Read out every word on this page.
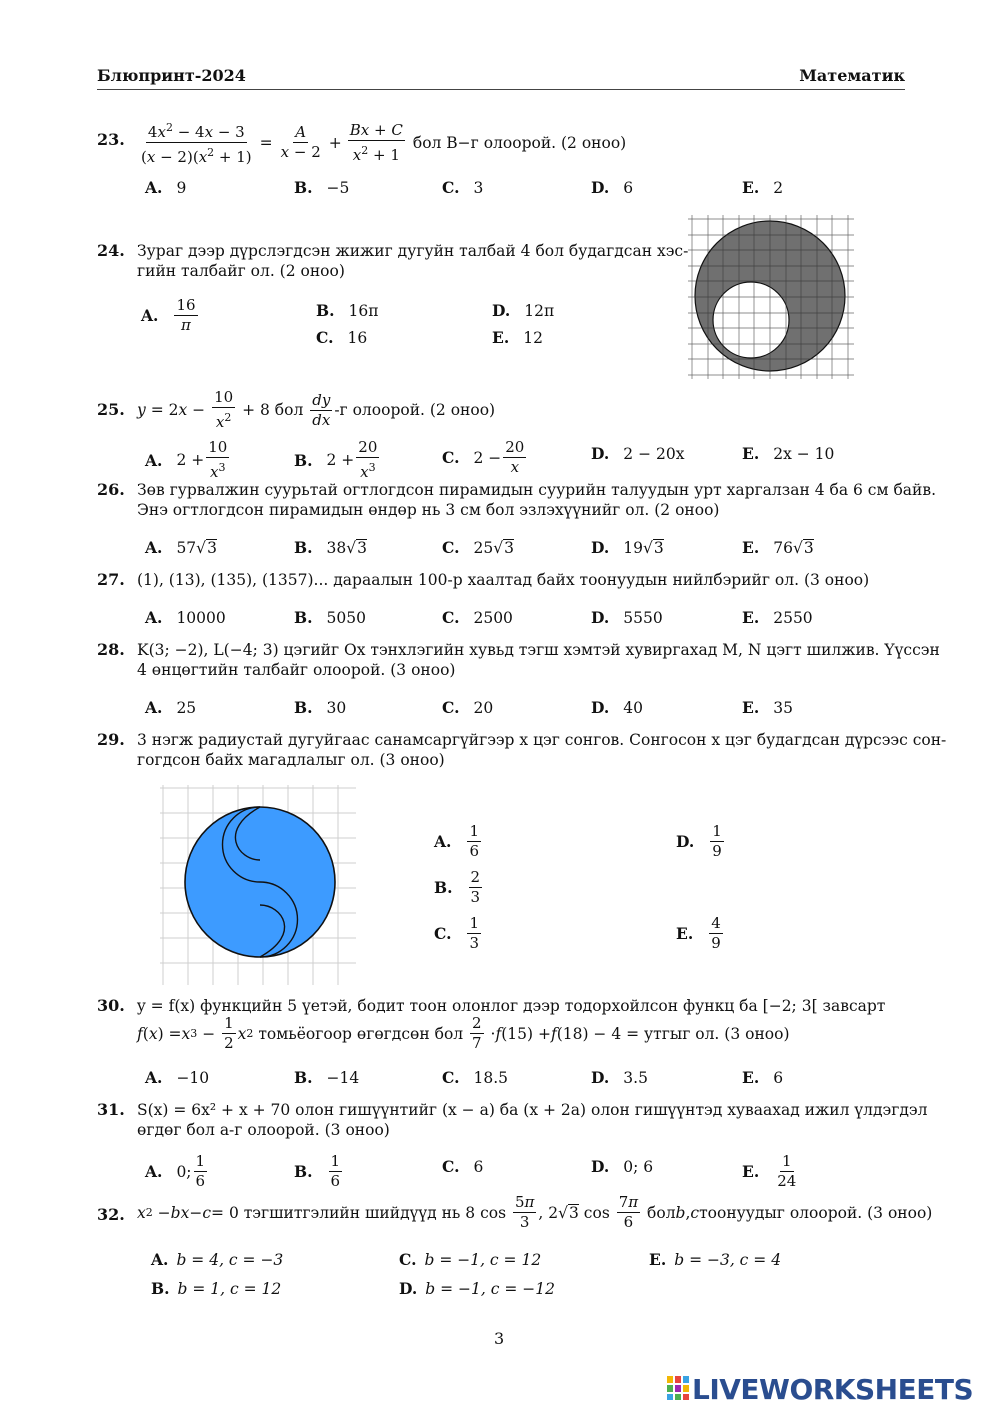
Блюпринт-2024	Математик
23. $\frac{4x^2 - 4x - 3}{(x - 2)(x^2 + 1)} = \frac{A}{x - 2} + \frac{Bx + C}{x^2 + 1}$ бол B−г олоорой. (2 оноо)
A. 9	B. −5	C. 3	D. 6	E. 2
24. Зураг дээр дүрслэгдсэн жижиг дугуйн талбай 4 бол будагдсан хэс-
гийн талбайг ол. (2 оноо)
A.
16
π
B. 16π
C. 16
D. 12π
E. 12
25. y = 2 x −
10
$x^2 + 8$ бол
dy
dx
-г олоорой. (2 оноо)
A. $2 + \frac{10}{x^3}$	B. $2 + \frac{20}{x^3}$	C. $2 - \frac{20}{x}$	D. 2 − 20x	E. 2x − 10
26. Зөв гурвалжин суурьтай огтлогдсон пирамидын суурийн талуудын урт харгалзан 4 ба 6 см байв.
Энэ огтлогдсон пирамидын өндөр нь 3 см бол эзлэхүүнийг ол. (2 оноо)
A. 57 √ 3	B. 38 √ 3	C. 25 √ 3	D. 19 √ 3	E. 76 √ 3
27. (1), (13), (135), (1357)... дараалын 100-р хаалтад байх тоонуудын нийлбэрийг ол. (3 оноо)
A. 10000	B. 5050	C. 2500	D. 5550	E. 2550
28. K(3; −2), L(−4; 3) цэгийг Ox тэнхлэгийн хувьд тэгш хэмтэй хувиргахад M, N цэгт шилжив. Үүссэн
4 өнцөгтийн талбайг олоорой. (3 оноо)
A. 25	B. 30	C. 20	D. 40	E. 35
29. 3 нэгж радиустай дугуйгаас санамсаргүйгээр x цэг сонгов. Сонгосон x цэг будагдсан дүрсээс сон-
гогдсон байх магадлалыг ол. (3 оноо)
A.
1
6
B.
2
3
C.
1
3
D.
1
9
E.
4
9
30. y = f(x) функцийн 5 үетэй, бодит тоон олонлог дээр тодорхойлсон функц ба [−2; 3[ завсарт
f ( x ) = x 3 −
1
2
x 2 томьёогоор өгөгдсөн бол
2
7
· f (15) + f (18) − 4 = утгыг ол. (3 оноо)
A. −10	B. −14	C. 18.5	D. 3.5	E. 6
31. S(x) = 6x² + x + 70 олон гишүүнтийг (x − a) ба (x + 2a) олон гишүүнтэд хуваахад ижил үлдэгдэл
өгдөг бол a-г олоорой. (3 оноо)
A. 0;
1
6	B.
1
6
C. 6	D. 0; 6	E.
1
24
32. x 2 − bx − c = 0 тэгшитгэлийн шийдүүд нь 8 cos
5π
3
, 2 √ 3 cos
7π
6
бол b , c тоонуудыг олоорой. (3 оноо)
A. b = 4, c = −3
B. b = 1, c = 12
C. b = −1, c = 12
D. b = −1, c = −12
E. b = −3, c = 4
3
LIVEWORKSHEETS
